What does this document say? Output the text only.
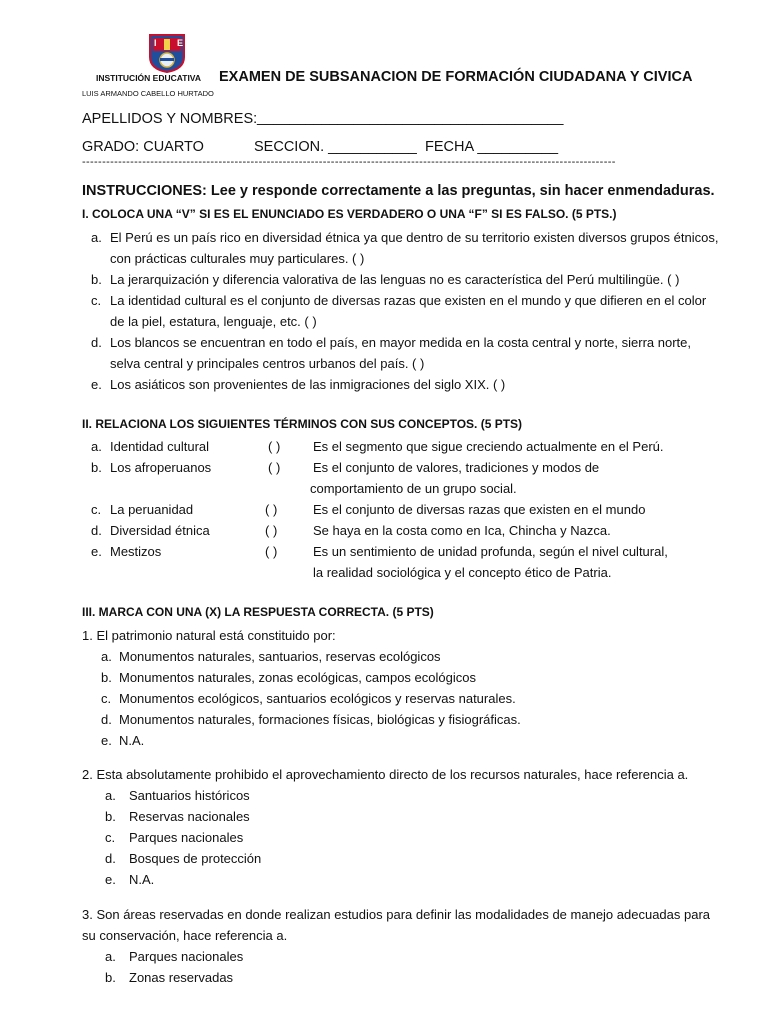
I E
INSTITUCIÓN EDUCATIVA
LUIS ARMANDO CABELLO HURTADO
EXAMEN DE SUBSANACION DE FORMACIÓN CIUDADANA Y CIVICA
APELLIDOS Y NOMBRES: ______________________________________
GRADO: CUARTO	SECCION. ___________ FECHA __________
-------------------------------------------------------------------------------------------------------------------------------------
INSTRUCCIONES: Lee y responde correctamente a las preguntas, sin hacer enmendaduras.
I. COLOCA UNA “V” SI ES EL ENUNCIADO ES VERDADERO O UNA “F” SI ES FALSO. (5 PTS.)
a. El Perú es un país rico en diversidad étnica ya que dentro de su territorio existen diversos grupos étnicos,
con prácticas culturales muy particulares. ( )
b. La jerarquización y diferencia valorativa de las lenguas no es característica del Perú multilingüe. ( )
c. La identidad cultural es el conjunto de diversas razas que existen en el mundo y que difieren en el color
de la piel, estatura, lenguaje, etc. ( )
d. Los blancos se encuentran en todo el país, en mayor medida en la costa central y norte, sierra norte,
selva central y principales centros urbanos del país. ( )
e. Los asiáticos son provenientes de las inmigraciones del siglo XIX. ( )
II. RELACIONA LOS SIGUIENTES TÉRMINOS CON SUS CONCEPTOS. (5 PTS)
a. Identidad cultural	( )	Es el segmento que sigue creciendo actualmente en el Perú.
b. Los afroperuanos	( )	Es el conjunto de valores, tradiciones y modos de
comportamiento de un grupo social.
c. La peruanidad	( )	Es el conjunto de diversas razas que existen en el mundo
d. Diversidad étnica	( )	Se haya en la costa como en Ica, Chincha y Nazca.
e. Mestizos	( )	Es un sentimiento de unidad profunda, según el nivel cultural,
la realidad sociológica y el concepto ético de Patria.
III. MARCA CON UNA (X) LA RESPUESTA CORRECTA. (5 PTS)
1. El patrimonio natural está constituido por:
a. Monumentos naturales, santuarios, reservas ecológicos
b. Monumentos naturales, zonas ecológicas, campos ecológicos
c. Monumentos ecológicos, santuarios ecológicos y reservas naturales.
d. Monumentos naturales, formaciones físicas, biológicas y fisiográficas.
e. N.A.
2. Esta absolutamente prohibido el aprovechamiento directo de los recursos naturales, hace referencia a.
a. Santuarios históricos
b. Reservas nacionales
c. Parques nacionales
d. Bosques de protección
e. N.A.
3. Son áreas reservadas en donde realizan estudios para definir las modalidades de manejo adecuadas para
su conservación, hace referencia a.
a. Parques nacionales
b. Zonas reservadas
